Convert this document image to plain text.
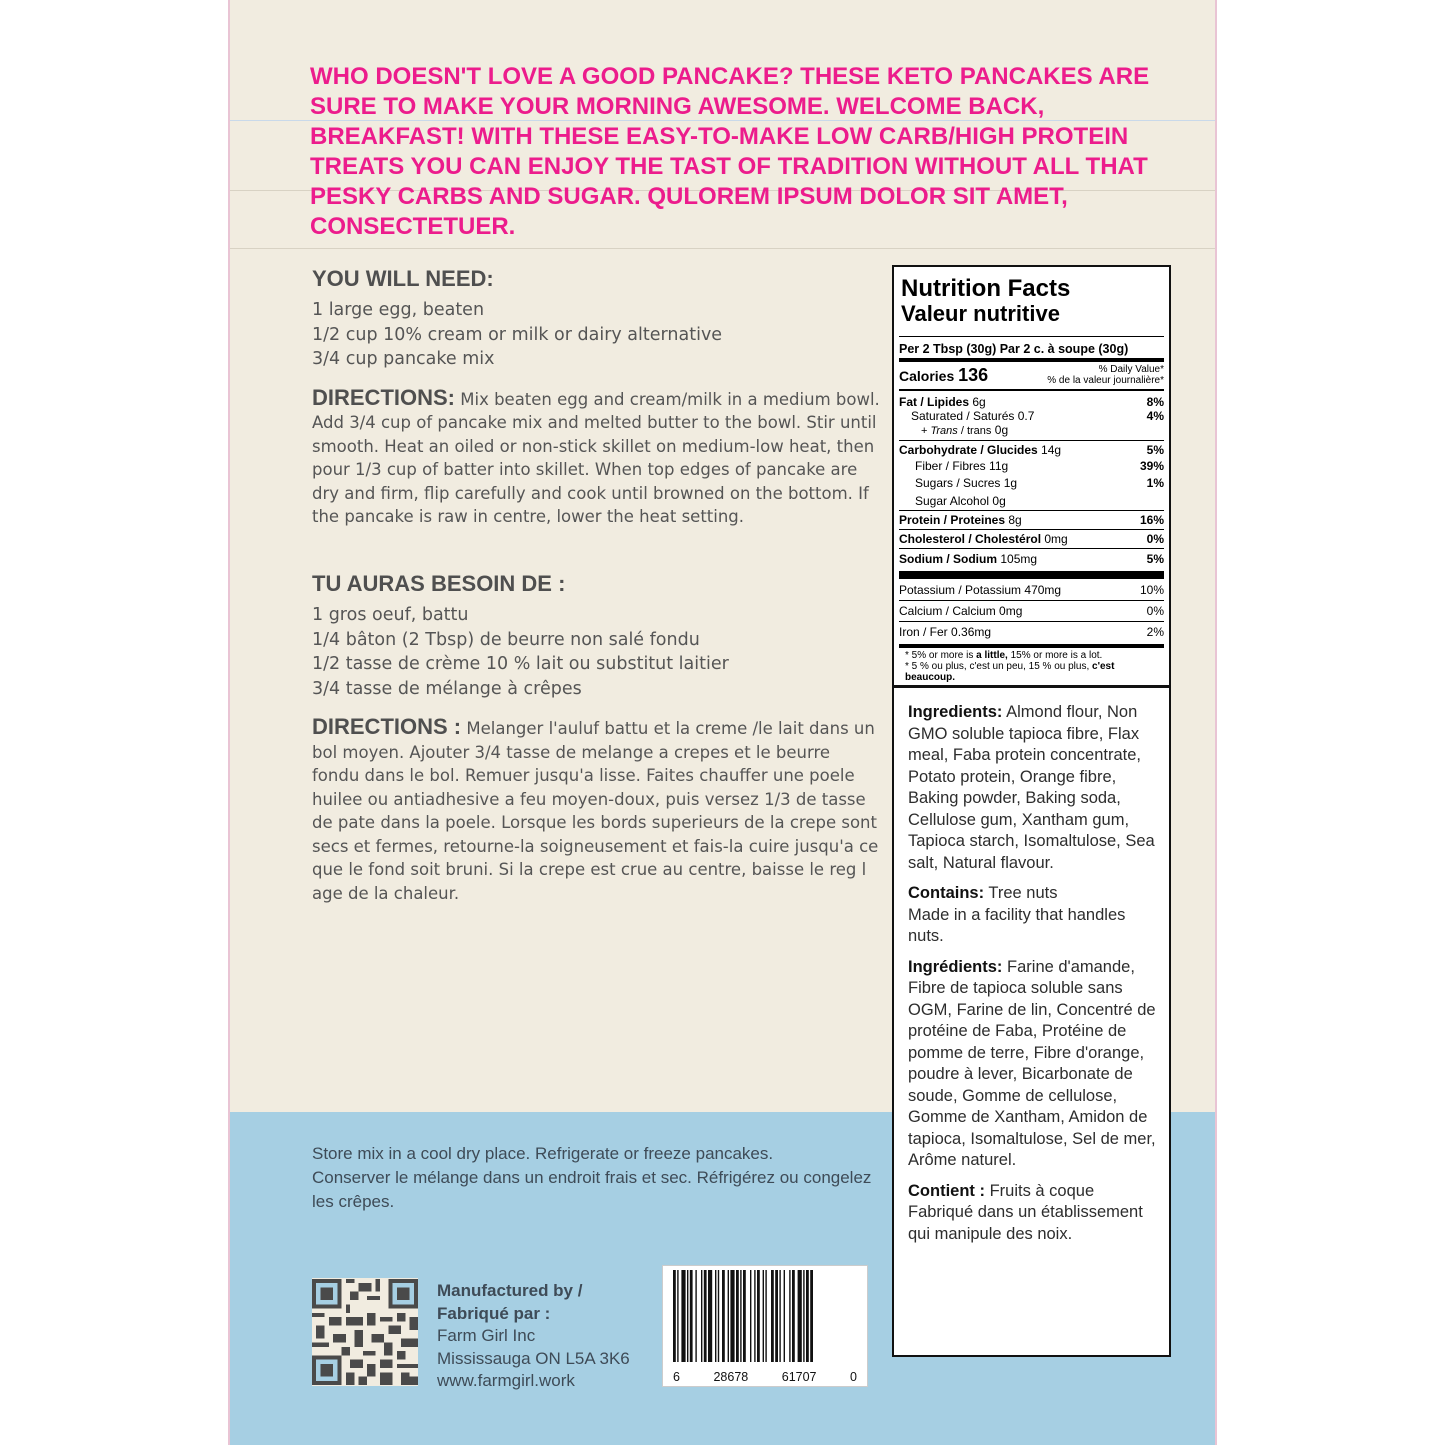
WHO DOESN'T LOVE A GOOD PANCAKE? THESE KETO PANCAKES ARE SURE TO MAKE YOUR MORNING AWESOME. WELCOME BACK, BREAKFAST! WITH THESE EASY-TO-MAKE LOW CARB/HIGH PROTEIN TREATS YOU CAN ENJOY THE TAST OF TRADITION WITHOUT ALL THAT PESKY CARBS AND SUGAR. QULOREM IPSUM DOLOR SIT AMET, CONSECTETUER.
YOU WILL NEED:
1 large egg, beaten
1/2 cup 10% cream or milk or dairy alternative
3/4 cup pancake mix
DIRECTIONS: Mix beaten egg and cream/milk in a medium bowl. Add 3/4 cup of pancake mix and melted butter to the bowl. Stir until smooth. Heat an oiled or non-stick skillet on medium-low heat, then pour 1/3 cup of batter into skillet. When top edges of pancake are dry and firm, flip carefully and cook until browned on the bottom. If the pancake is raw in centre, lower the heat setting.
TU AURAS BESOIN DE :
1 gros oeuf, battu
1/4 bâton (2 Tbsp) de beurre non salé fondu
1/2 tasse de crème 10 % lait ou substitut laitier
3/4 tasse de mélange à crêpes
DIRECTIONS : Melanger l'auluf battu et la creme /le lait dans un bol moyen. Ajouter 3/4 tasse de melange a crepes et le beurre fondu dans le bol. Remuer jusqu'a lisse. Faites chauffer une poele huilee ou antiadhesive a feu moyen-doux, puis versez 1/3 de tasse de pate dans la poele. Lorsque les bords superieurs de la crepe sont secs et fermes, retourne-la soigneusement et fais-la cuire jusqu'a ce que le fond soit bruni. Si la crepe est crue au centre, baisse le reg l age de la chaleur.
Store mix in a cool dry place. Refrigerate or freeze pancakes.
Conserver le mélange dans un endroit frais et sec. Réfrigérez ou congelez les crêpes.
Manufactured by /
Fabriqué par :
Farm Girl Inc
Mississauga ON L5A 3K6
www.farmgirl.work	6	28678	61707	0
Nutrition Facts
Valeur nutritive
Per 2 Tbsp (30g) Par 2 c. à soupe (30g)
Calories 136	% Daily Value*
% de la valeur journalière*
Fat / Lipides 6g	8%
Saturated / Saturés 0.7	4%
+ Trans / trans 0g
Carbohydrate / Glucides 14g	5%
Fiber / Fibres 11g	39%
Sugars / Sucres 1g	1%
Sugar Alcohol 0g
Protein / Proteines 8g	16%
Cholesterol / Cholestérol 0mg	0%
Sodium / Sodium 105mg	5%
Potassium / Potassium 470mg	10%
Calcium / Calcium 0mg	0%
Iron / Fer 0.36mg	2%
* 5% or more is a little, 15% or more is a lot.
* 5 % ou plus, c'est un peu, 15 % ou plus, c'est beaucoup.

Ingredients: Almond flour, Non GMO soluble tapioca fibre, Flax meal, Faba protein concentrate, Potato protein, Orange fibre, Baking powder, Baking soda, Cellulose gum, Xantham gum, Tapioca starch, Isomaltulose, Sea salt, Natural flavour.

Contains: Tree nuts

Made in a facility that handles nuts.

Ingrédients: Farine d'amande, Fibre de tapioca soluble sans OGM, Farine de lin, Concentré de protéine de Faba, Protéine de pomme de terre, Fibre d'orange, poudre à lever, Bicarbonate de soude, Gomme de cellulose, Gomme de Xantham, Amidon de tapioca, Isomaltulose, Sel de mer, Arôme naturel.

Contient : Fruits à coque
Fabriqué dans un établissement qui manipule des noix.
